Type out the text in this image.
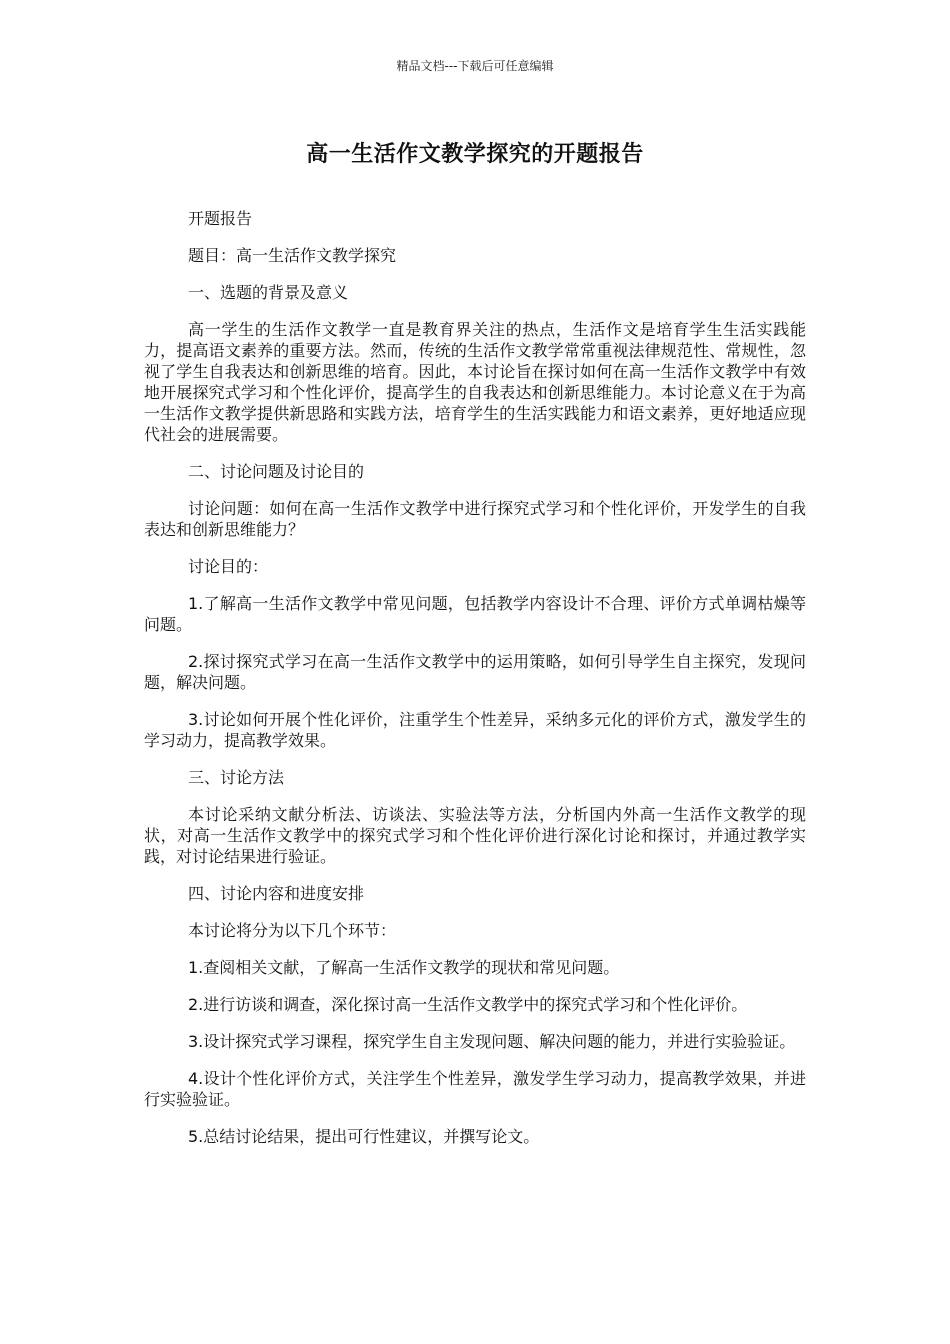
精品文档---下载后可任意编辑
高一生活作文教学探究的开题报告

开题报告

题目：高一生活作文教学探究

一、选题的背景及意义

高一学生的生活作文教学一直是教育界关注的热点，生活作文是培育学生生活实践能力，提高语文素养的重要方法。然而，传统的生活作文教学常常重视法律规范性、常规性，忽视了学生自我表达和创新思维的培育。因此，本讨论旨在探讨如何在高一生活作文教学中有效地开展探究式学习和个性化评价，提高学生的自我表达和创新思维能力。本讨论意义在于为高一生活作文教学提供新思路和实践方法，培育学生的生活实践能力和语文素养，更好地适应现代社会的进展需要。

二、讨论问题及讨论目的

讨论问题：如何在高一生活作文教学中进行探究式学习和个性化评价，开发学生的自我表达和创新思维能力？

讨论目的：

1.了解高一生活作文教学中常见问题，包括教学内容设计不合理、评价方式单调枯燥等问题。

2.探讨探究式学习在高一生活作文教学中的运用策略，如何引导学生自主探究，发现问题，解决问题。

3.讨论如何开展个性化评价，注重学生个性差异，采纳多元化的评价方式，激发学生的学习动力，提高教学效果。

三、讨论方法

本讨论采纳文献分析法、访谈法、实验法等方法，分析国内外高一生活作文教学的现状，对高一生活作文教学中的探究式学习和个性化评价进行深化讨论和探讨，并通过教学实践，对讨论结果进行验证。

四、讨论内容和进度安排

本讨论将分为以下几个环节：

1.查阅相关文献，了解高一生活作文教学的现状和常见问题。

2.进行访谈和调查，深化探讨高一生活作文教学中的探究式学习和个性化评价。

3.设计探究式学习课程，探究学生自主发现问题、解决问题的能力，并进行实验验证。

4.设计个性化评价方式，关注学生个性差异，激发学生学习动力，提高教学效果，并进行实验验证。

5.总结讨论结果，提出可行性建议，并撰写论文。
